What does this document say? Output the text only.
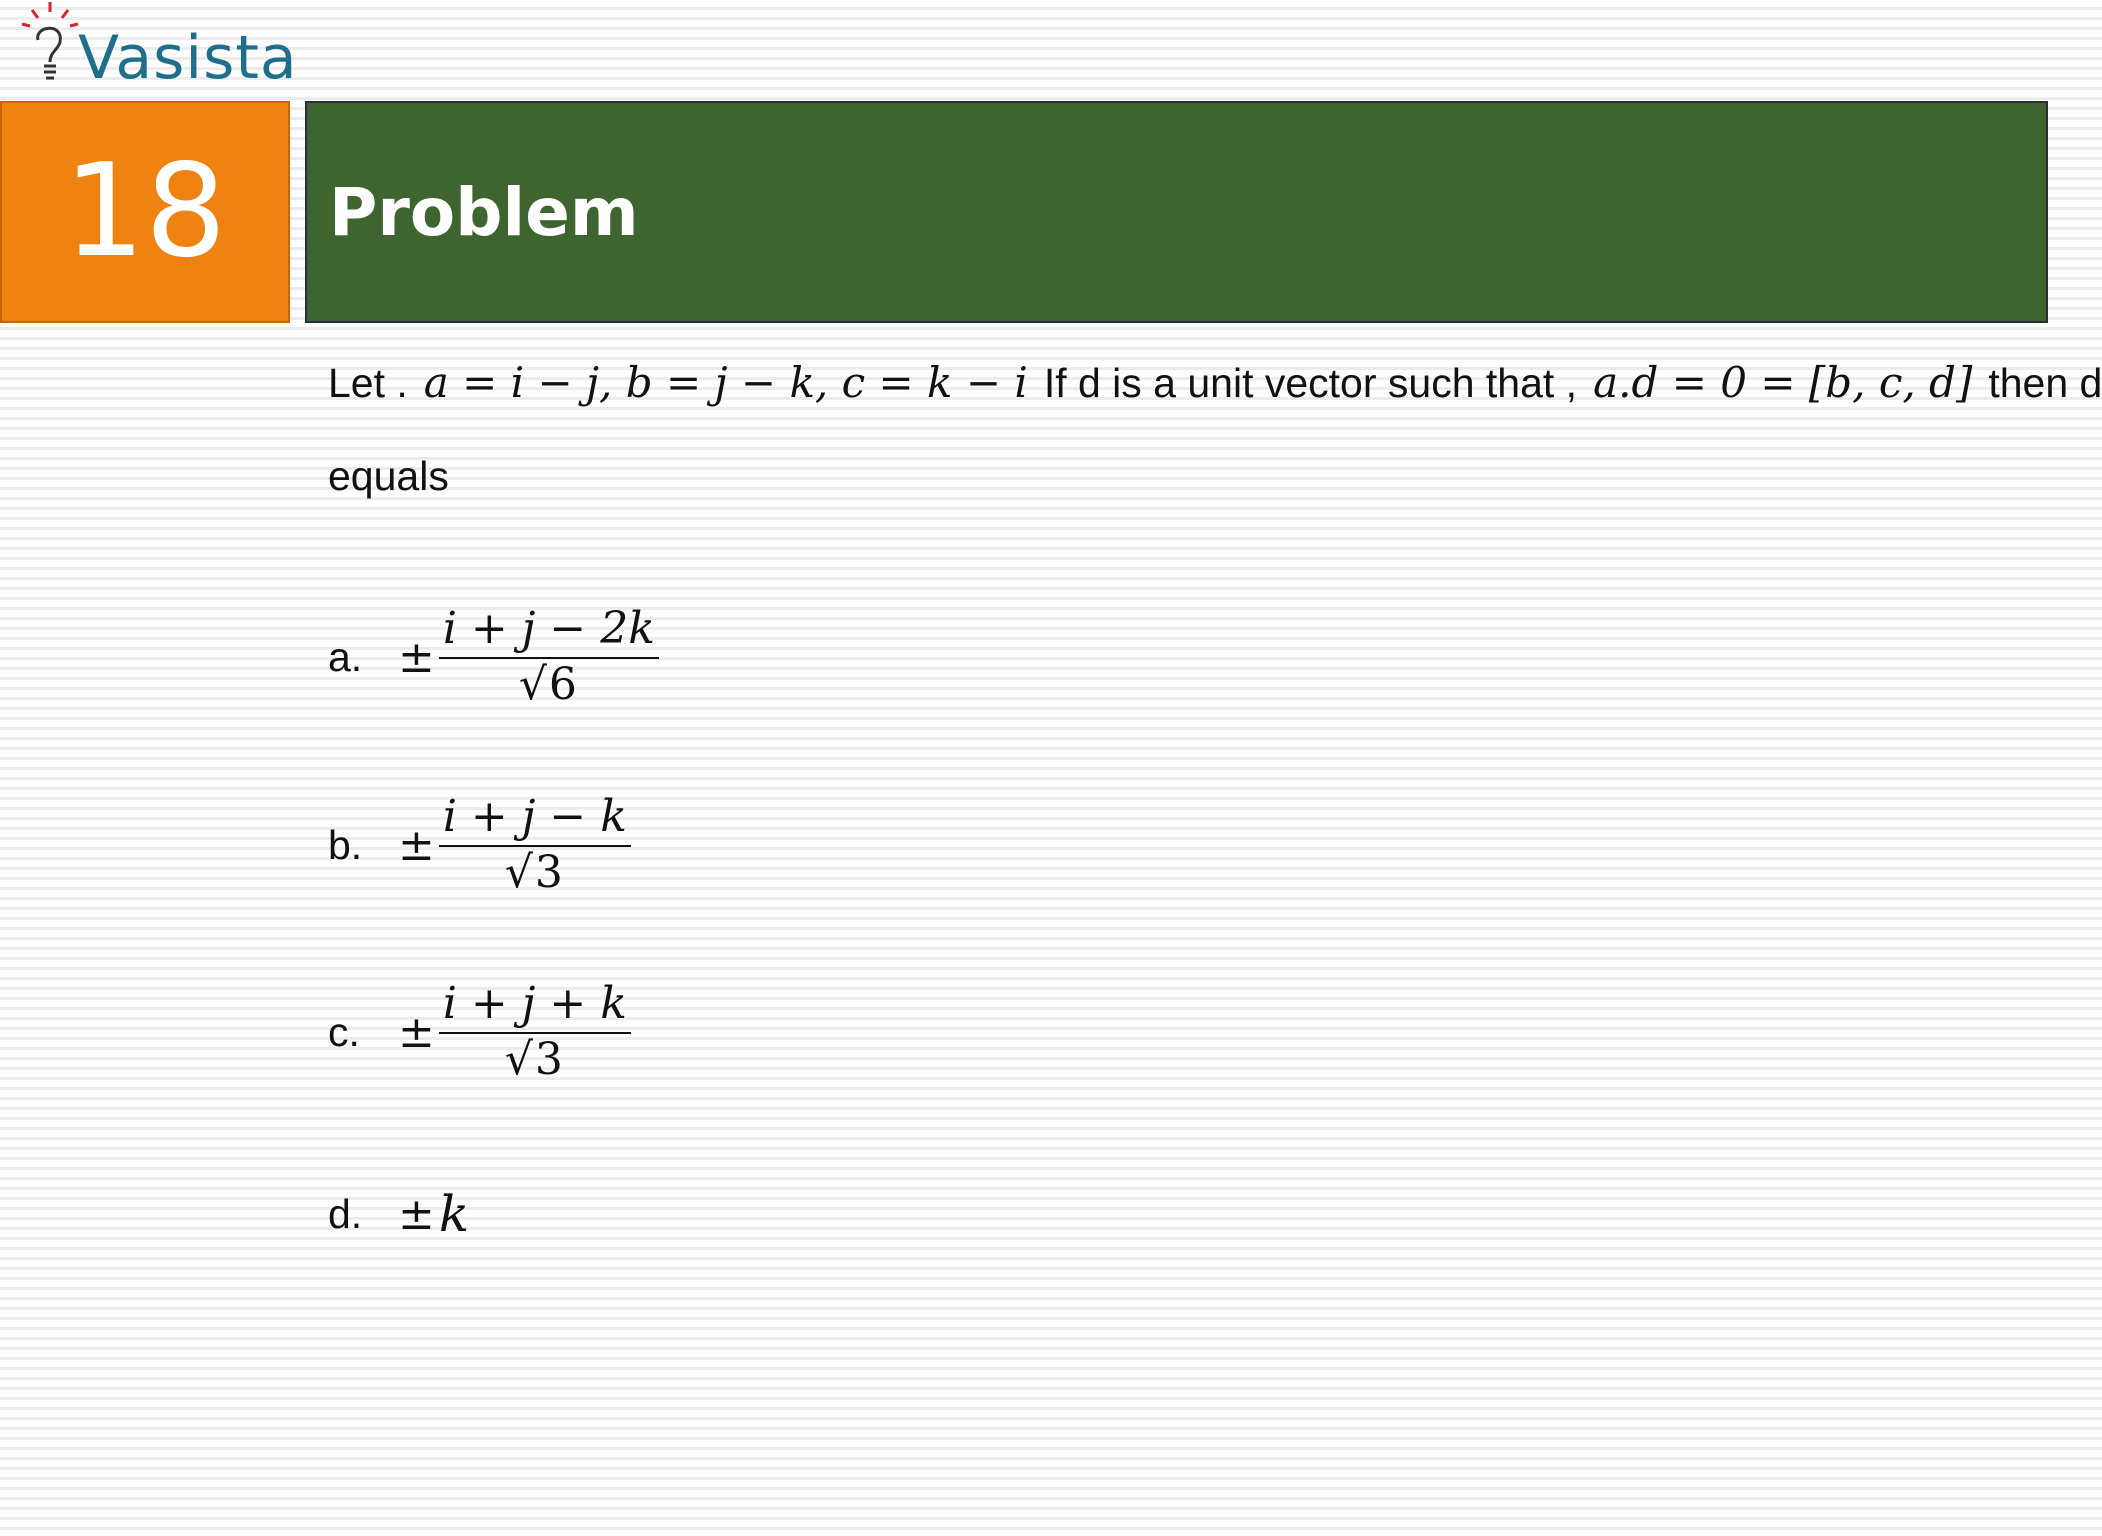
Vasista
18 Problem
Let . a = i − j, b = j − k, c = k − i If d is a unit vector such that , a.d = 0 = [b, c, d] then d
equals
a. ± $\frac{i + j - 2k}{√6}$
b. ± $\frac{i + j - k}{√3}$
c. ± $\frac{i + j + k}{√3}$
d. ± k
